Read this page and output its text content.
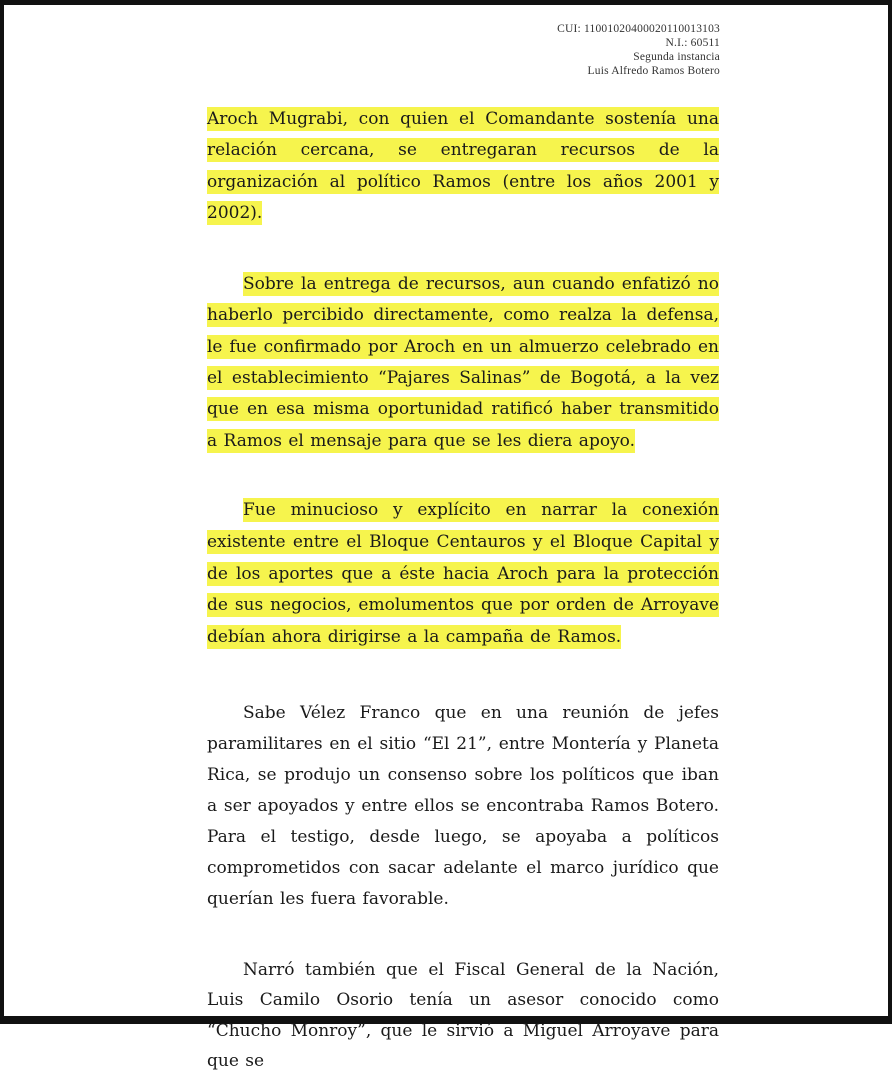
CUI: 11001020400020110013103
N.I.: 60511
Segunda instancia
Luis Alfredo Ramos Botero

Aroch Mugrabi, con quien el Comandante sostenía una relación cercana, se entregaran recursos de la organización al político Ramos (entre los años 2001 y 2002).

Sobre la entrega de recursos, aun cuando enfatizó no haberlo percibido directamente, como realza la defensa, le fue confirmado por Aroch en un almuerzo celebrado en el establecimiento “Pajares Salinas” de Bogotá, a la vez que en esa misma oportunidad ratificó haber transmitido a Ramos el mensaje para que se les diera apoyo.

Fue minucioso y explícito en narrar la conexión existente entre el Bloque Centauros y el Bloque Capital y de los aportes que a éste hacia Aroch para la protección de sus negocios, emolumentos que por orden de Arroyave debían ahora dirigirse a la campaña de Ramos.

Sabe Vélez Franco que en una reunión de jefes paramilitares en el sitio “El 21”, entre Montería y Planeta Rica, se produjo un consenso sobre los políticos que iban a ser apoyados y entre ellos se encontraba Ramos Botero. Para el testigo, desde luego, se apoyaba a políticos comprometidos con sacar adelante el marco jurídico que querían les fuera favorable.

Narró también que el Fiscal General de la Nación, Luis Camilo Osorio tenía un asesor conocido como “Chucho Monroy”, que le sirvió a Miguel Arroyave para que se
